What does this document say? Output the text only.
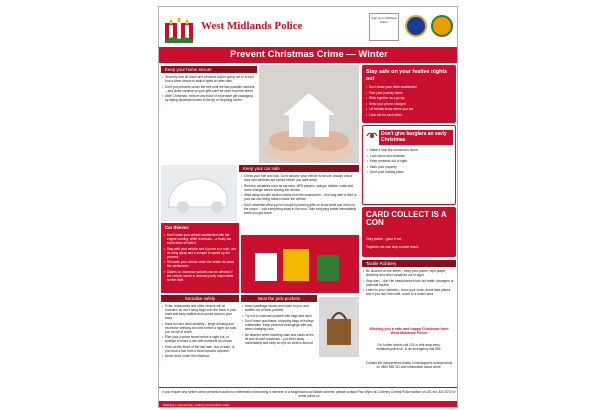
West Midlands Police
Sign up to WMNow Alerts
Prevent Christmas Crime — Winter
Keep your home secure
• Securely lock all doors and windows before going out or to bed. Use a timer device to switch lights on after dark.
• Don't put presents under the tree until the last possible moment – and close curtains so your gifts can't be seen from the street.
• After Christmas, remove any trace of expensive gift packaging by taking discarded boxes to the tip or recycling centre.
Stay safe on your festive nights out
• Don't leave your drink unattended
• Plan your journey home
• Stick together as a group
• Keep your phone charged
• Let friends know where you are
• Look out for each other
Don't give burglars an early Christmas
• Make it look like someone's home
• Lock doors and windows
• Keep presents out of sight
• Mark your property
• Don't post holiday plans
Keep your car safe
• Check your fuel and lock. Don't assume your vehicle is secure, always check door and windows are locked before you walk away.
• Remove valuables such as sat navs, MP3 players, laptops, tablets, coats and loose change before leaving the vehicle.
• Wipe away tell-tale suction marks from the windscreen – this may alert a thief to your sat nav being hidden inside the vehicle.
• Don't advertise what you've bought by leaving gifts on show while you return to the shops – lock everything away in the boot. Take shopping inside immediately when you get home.	CARD COLLECT IS A CON
Only police - gave it me
Together we can stop courier fraud
Car thieves
• Don't leave your vehicle unattended with the engine running, while it defrosts – a frosty car could drive off with it.
• Stay with your vehicle and if you're in a rush, use de-icing spray and a scraper to speed up the process.
• Sit inside your vehicle while the heater de-mists the windscreen.
• Claims on insurance policies can be affected if the vehicle owner is deemed partly responsible for the theft.
Tackle Robbery
• Be discreet on the street – keep your phone, mp3 player, jewellery and other valuables out of sight.
• Stay alert – don't let headphones block out traffic, strangers or potential trouble.
• Listen to your instincts – know your route, avoid dark places and if you don't feel safe, move to a busier area.
Socialise safely
• Pubs, restaurants and other venues will be crowded, so don't hang bags over the back of your chair and keep wallets and purses close to your body.
• Have fun and drink sensibly – binge drinking and excessive drinking at home before a night out puts you at risk of crime.
• Plan your journey home before a night out, or arrange to share a taxi with someone you know.
• Find out the times of the last train, bus or tram, or pre-book a taxi from a local licensed operator.
• Never drive under the influence.
Beat the pick-pockets
• Keep handbags closed and close to you, and wallets out of back pockets.
• Try not to overload yourself with bags and cash.
• Don't leave purchases, shopping bags or trolleys unattended. Keep personal belongings with you when changing cars.
• Be discreet when handling cash and cards at the till and at cash machines – put them away immediately and keep an eye on what is around.
Wishing you a safe and happy Christmas from West Midlands Police
For further advice call 101 or visit www.west-midlands.police.uk. In an emergency dial 999.
Contact the independent charity Crimestoppers anonymously on 0800 555 111 with information about crime.
If you require any further crime prevention advice or interested in becoming a member of a Neighbourhood Watch scheme, please contact Paul Wynn at Coventry Central Police station on 101 ext. 824 3073 or email police.uk
Working in partnership, making communities safer
